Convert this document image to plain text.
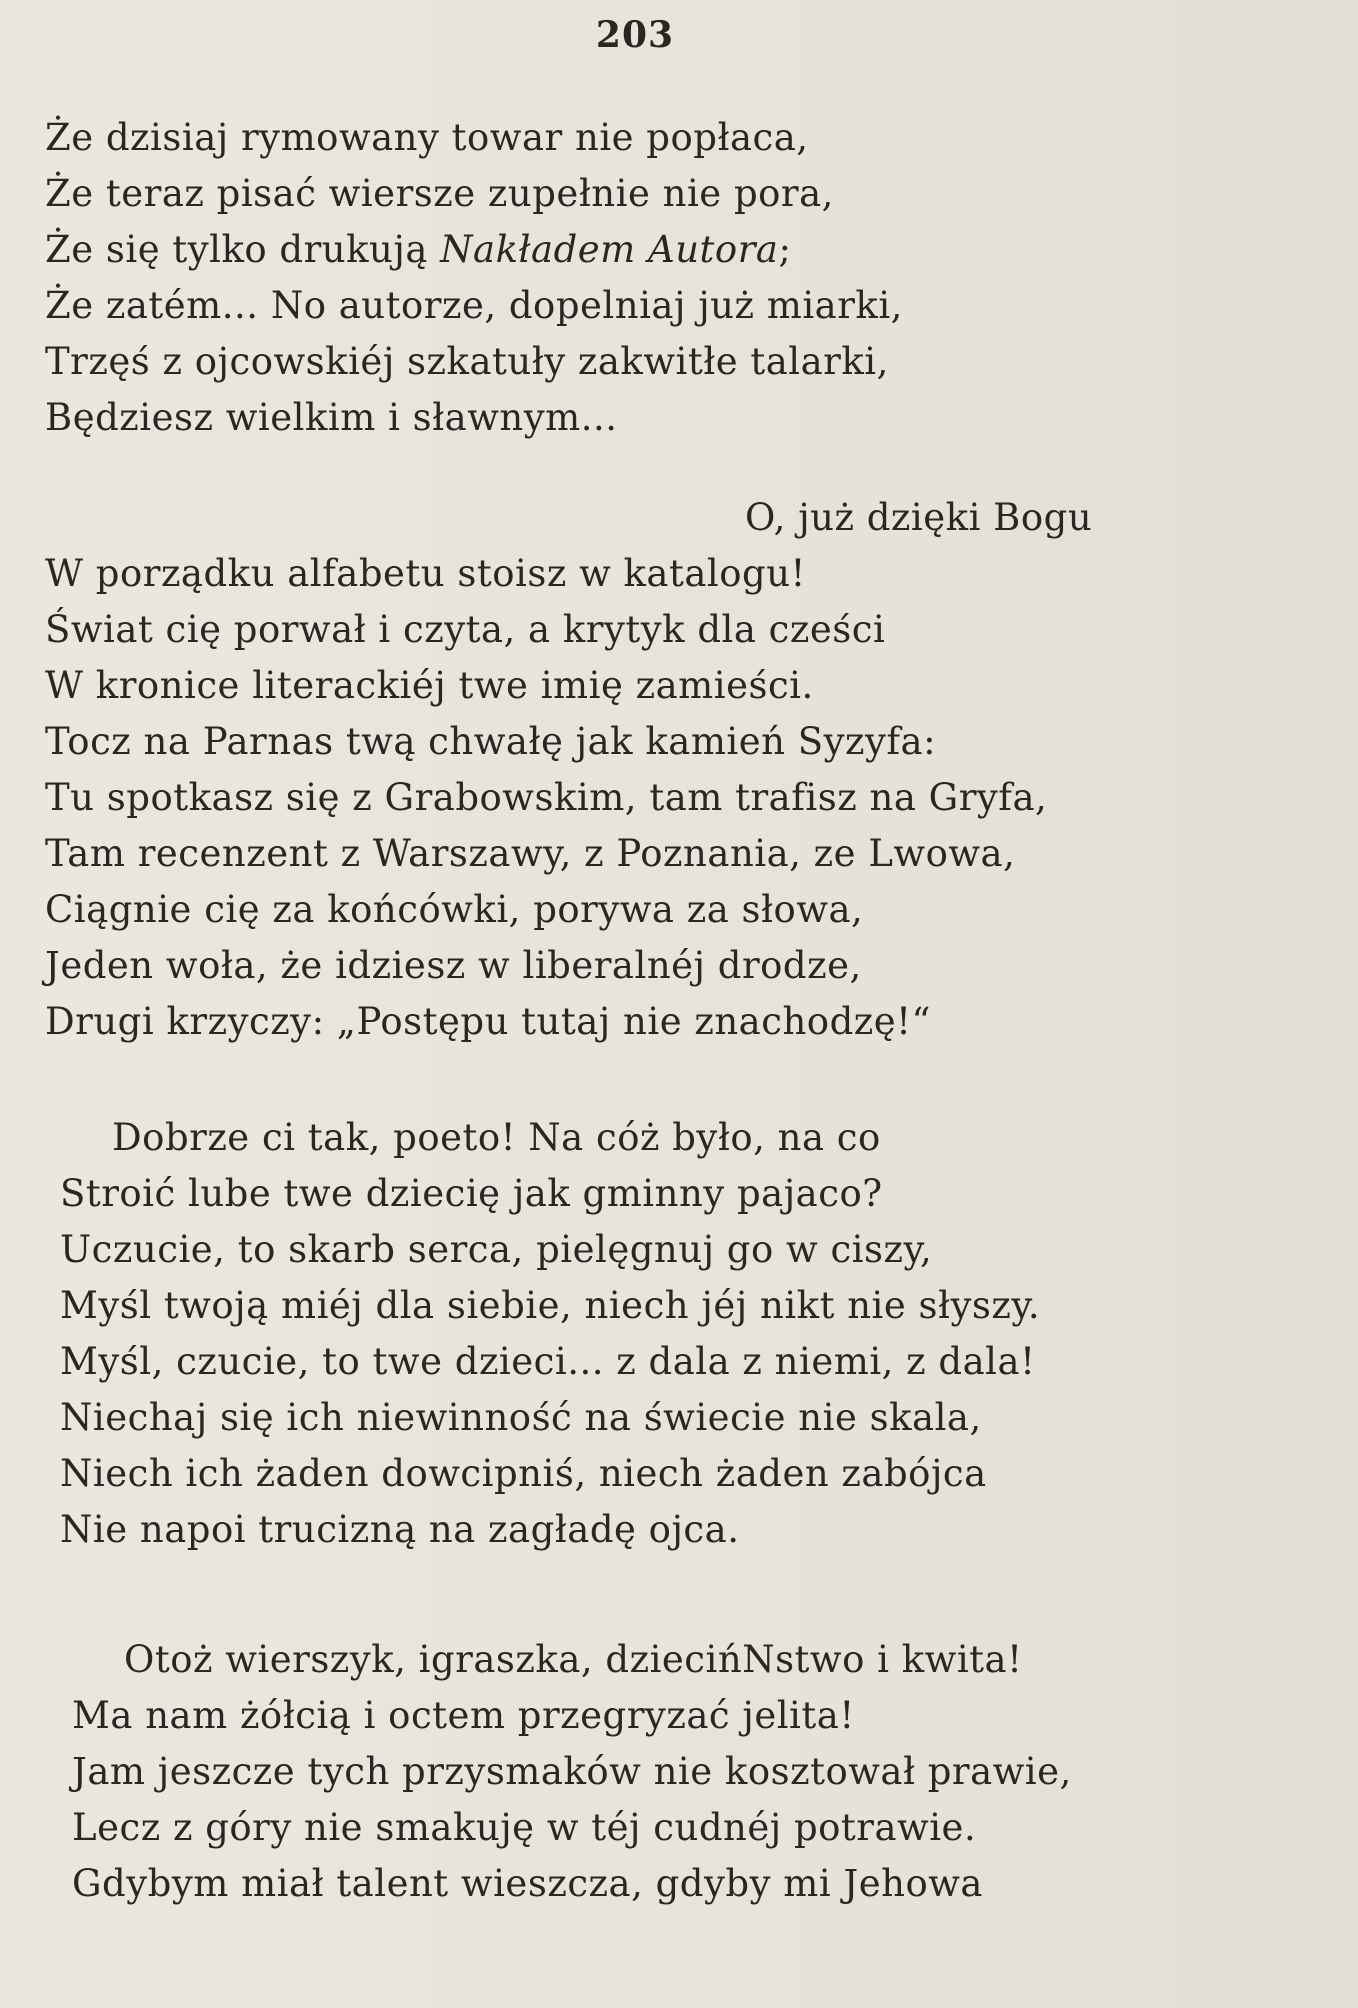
203
Że dzisiaj rymowany towar nie popłaca,
Że teraz pisać wiersze zupełnie nie pora,
Że się tylko drukują Nakładem Autora;
Że zatém... No autorze, dopelniaj już miarki,
Trzęś z ojcowskiéj szkatuły zakwitłe talarki,
Będziesz wielkim i sławnym...
O, już dzięki Bogu
W porządku alfabetu stoisz w katalogu!
Świat cię porwał i czyta, a krytyk dla cześci
W kronice literackiéj twe imię zamieści.
Tocz na Parnas twą chwałę jak kamień Syzyfa:
Tu spotkasz się z Grabowskim, tam trafisz na Gryfa,
Tam recenzent z Warszawy, z Poznania, ze Lwowa,
Ciągnie cię za końcówki, porywa za słowa,
Jeden woła, że idziesz w liberalnéj drodze,
Drugi krzyczy: „Postępu tutaj nie znachodzę!“
Dobrze ci tak, poeto! Na cóż było, na co
Stroić lube twe dziecię jak gminny pajaco?
Uczucie, to skarb serca, pielęgnuj go w ciszy,
Myśl twoją miéj dla siebie, niech jéj nikt nie słyszy.
Myśl, czucie, to twe dzieci... z dala z niemi, z dala!
Niechaj się ich niewinność na świecie nie skala,
Niech ich żaden dowcipniś, niech żaden zabójca
Nie napoi trucizną na zagładę ojca.
Otoż wierszyk, igraszka, dziecińNstwo i kwita!
Ma nam żółcią i octem przegryzać jelita!
Jam jeszcze tych przysmaków nie kosztował prawie,
Lecz z góry nie smakuję w téj cudnéj potrawie.
Gdybym miał talent wieszcza, gdyby mi Jehowa
